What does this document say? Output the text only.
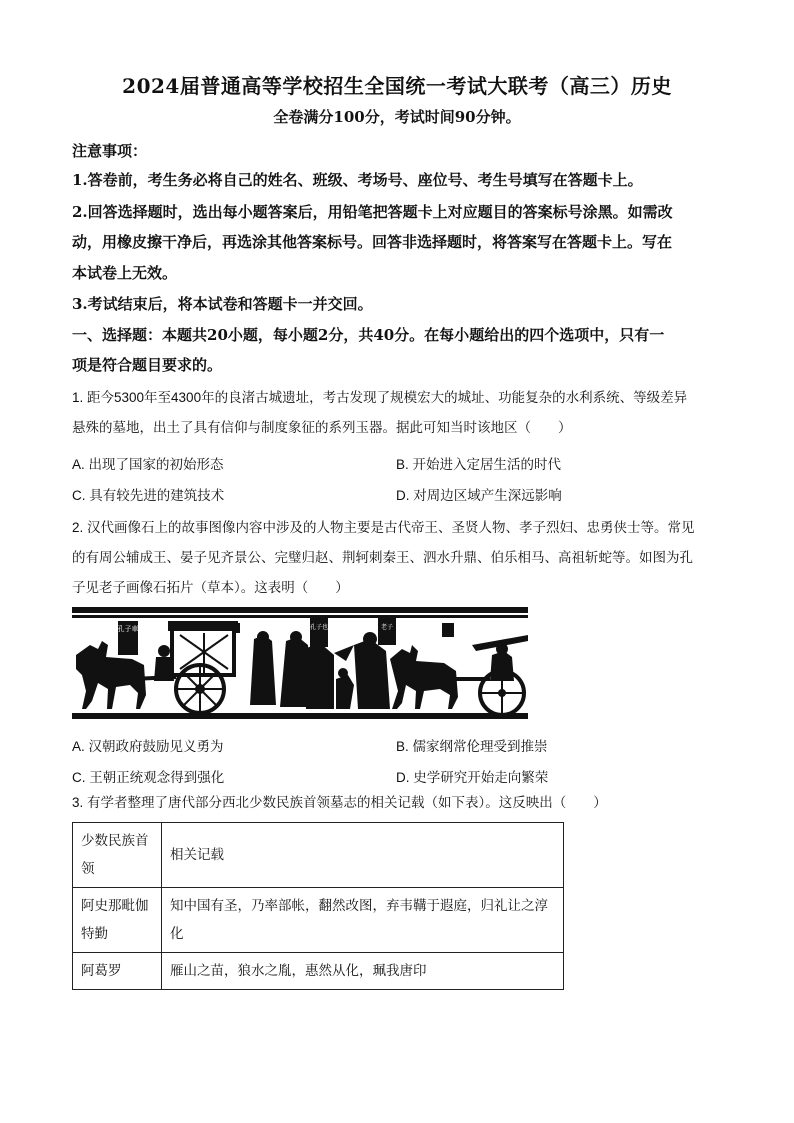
2024届普通高等学校招生全国统一考试大联考（高三）历史
全卷满分100分，考试时间90分钟。
注意事项：
1.答卷前，考生务必将自己的姓名、班级、考场号、座位号、考生号填写在答题卡上。
2.回答选择题时，选出每小题答案后，用铅笔把答题卡上对应题目的答案标号涂黑。如需改
动，用橡皮擦干净后，再选涂其他答案标号。回答非选择题时，将答案写在答题卡上。写在
本试卷上无效。
3.考试结束后，将本试卷和答题卡一并交回。
一、选择题：本题共20小题，每小题2分，共40分。在每小题给出的四个选项中，只有一
项是符合题目要求的。
1. 距今5300年至4300年的良渚古城遗址，考古发现了规模宏大的城址、功能复杂的水利系统、等级差异
悬殊的墓地，出土了具有信仰与制度象征的系列玉器。据此可知当时该地区（　　）
A. 出现了国家的初始形态	B. 开始进入定居生活的时代
C. 具有较先进的建筑技术	D. 对周边区域产生深远影响
2. 汉代画像石上的故事图像内容中涉及的人物主要是古代帝王、圣贤人物、孝子烈妇、忠勇侠士等。常见
的有周公辅成王、晏子见齐景公、完璧归赵、荆轲刺秦王、泗水升鼎、伯乐相马、高祖斩蛇等。如图为孔
子见老子画像石拓片（草本）。这表明（　　）
孔子車	孔子也	老子
A. 汉朝政府鼓励见义勇为	B. 儒家纲常伦理受到推崇
C. 王朝正统观念得到强化	D. 史学研究开始走向繁荣
3. 有学者整理了唐代部分西北少数民族首领墓志的相关记载（如下表）。这反映出（　　）
少数民族首领	相关记载
阿史那毗伽特勤	知中国有圣，乃率部帐，翻然改图，弃韦鞲于遐庭，归礼让之淳化
阿葛罗	雁山之苗，狼水之胤，惠然从化，珮我唐印
